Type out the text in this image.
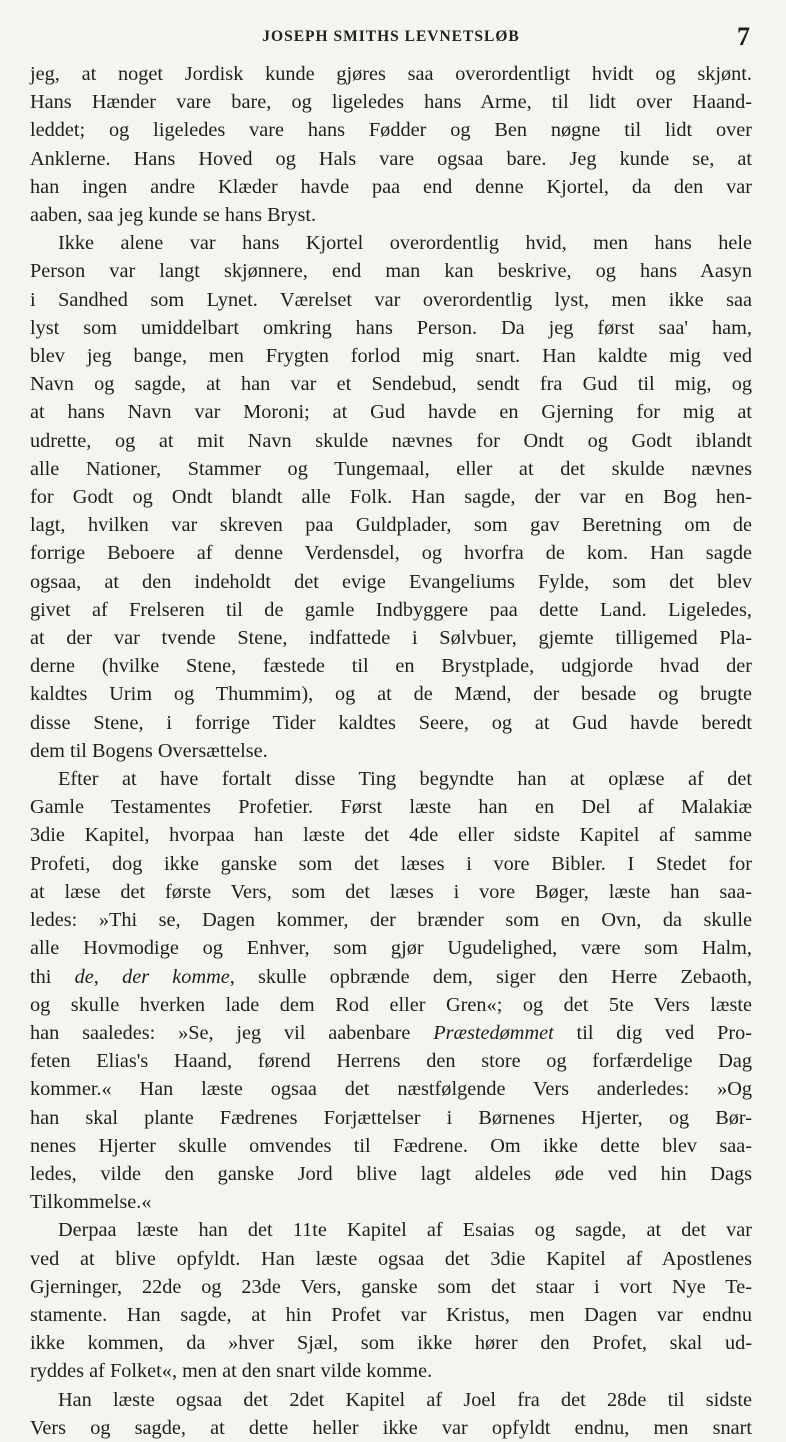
JOSEPH SMITHS LEVNETSLØB	7
jeg, at noget Jordisk kunde gjøres saa overordentligt hvidt og skjønt.
Hans Hænder vare bare, og ligeledes hans Arme, til lidt over Haand-
leddet; og ligeledes vare hans Fødder og Ben nøgne til lidt over
Anklerne. Hans Hoved og Hals vare ogsaa bare. Jeg kunde se, at
han ingen andre Klæder havde paa end denne Kjortel, da den var
aaben, saa jeg kunde se hans Bryst.
Ikke alene var hans Kjortel overordentlig hvid, men hans hele
Person var langt skjønnere, end man kan beskrive, og hans Aasyn
i Sandhed som Lynet. Værelset var overordentlig lyst, men ikke saa
lyst som umiddelbart omkring hans Person. Da jeg først saa' ham,
blev jeg bange, men Frygten forlod mig snart. Han kaldte mig ved
Navn og sagde, at han var et Sendebud, sendt fra Gud til mig, og
at hans Navn var Moroni; at Gud havde en Gjerning for mig at
udrette, og at mit Navn skulde nævnes for Ondt og Godt iblandt
alle Nationer, Stammer og Tungemaal, eller at det skulde nævnes
for Godt og Ondt blandt alle Folk. Han sagde, der var en Bog hen-
lagt, hvilken var skreven paa Guldplader, som gav Beretning om de
forrige Beboere af denne Verdensdel, og hvorfra de kom. Han sagde
ogsaa, at den indeholdt det evige Evangeliums Fylde, som det blev
givet af Frelseren til de gamle Indbyggere paa dette Land. Ligeledes,
at der var tvende Stene, indfattede i Sølvbuer, gjemte tilligemed Pla-
derne (hvilke Stene, fæstede til en Brystplade, udgjorde hvad der
kaldtes Urim og Thummim), og at de Mænd, der besade og brugte
disse Stene, i forrige Tider kaldtes Seere, og at Gud havde beredt
dem til Bogens Oversættelse.
Efter at have fortalt disse Ting begyndte han at oplæse af det
Gamle Testamentes Profetier. Først læste han en Del af Malakiæ
3die Kapitel, hvorpaa han læste det 4de eller sidste Kapitel af samme
Profeti, dog ikke ganske som det læses i vore Bibler. I Stedet for
at læse det første Vers, som det læses i vore Bøger, læste han saa-
ledes: »Thi se, Dagen kommer, der brænder som en Ovn, da skulle
alle Hovmodige og Enhver, som gjør Ugudelighed, være som Halm,
thi de, der komme, skulle opbrænde dem, siger den Herre Zebaoth,
og skulle hverken lade dem Rod eller Gren«; og det 5te Vers læste
han saaledes: »Se, jeg vil aabenbare Præstedømmet til dig ved Pro-
feten Elias's Haand, førend Herrens den store og forfærdelige Dag
kommer.« Han læste ogsaa det næstfølgende Vers anderledes: »Og
han skal plante Fædrenes Forjættelser i Børnenes Hjerter, og Bør-
nenes Hjerter skulle omvendes til Fædrene. Om ikke dette blev saa-
ledes, vilde den ganske Jord blive lagt aldeles øde ved hin Dags
Tilkommelse.«
Derpaa læste han det 11te Kapitel af Esaias og sagde, at det var
ved at blive opfyldt. Han læste ogsaa det 3die Kapitel af Apostlenes
Gjerninger, 22de og 23de Vers, ganske som det staar i vort Nye Te-
stamente. Han sagde, at hin Profet var Kristus, men Dagen var endnu
ikke kommen, da »hver Sjæl, som ikke hører den Profet, skal ud-
ryddes af Folket«, men at den snart vilde komme.
Han læste ogsaa det 2det Kapitel af Joel fra det 28de til sidste
Vers og sagde, at dette heller ikke var opfyldt endnu, men snart
